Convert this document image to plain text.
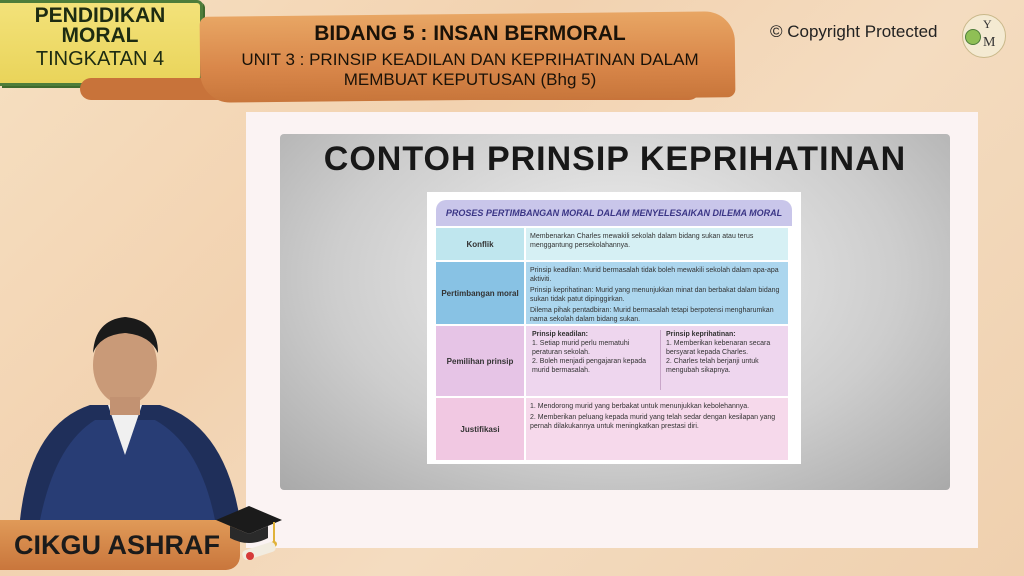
PENDIDIKAN
MORAL
TINGKATAN 4
BIDANG 5 : INSAN BERMORAL
UNIT 3 : PRINSIP KEADILAN DAN KEPRIHATINAN DALAM MEMBUAT KEPUTUSAN (Bhg 5)
© Copyright Protected	Y
M
CONTOH PRINSIP KEPRIHATINAN
PROSES PERTIMBANGAN MORAL DALAM MENYELESAIKAN DILEMA MORAL
Konflik
Membenarkan Charles mewakili sekolah dalam bidang sukan atau terus menggantung persekolahannya.
Pertimbangan moral
Prinsip keadilan: Murid bermasalah tidak boleh mewakili sekolah dalam apa-apa aktiviti.
Prinsip keprihatinan: Murid yang menunjukkan minat dan berbakat dalam bidang sukan tidak patut dipinggirkan.
Dilema pihak pentadbiran: Murid bermasalah tetapi berpotensi mengharumkan nama sekolah dalam bidang sukan.
Pemilihan prinsip
Prinsip keadilan:
1. Setiap murid perlu mematuhi peraturan sekolah.
2. Boleh menjadi pengajaran kepada murid bermasalah.
Prinsip keprihatinan:
1. Memberikan kebenaran secara bersyarat kepada Charles.
2. Charles telah berjanji untuk mengubah sikapnya.
Justifikasi
1. Mendorong murid yang berbakat untuk menunjukkan kebolehannya.
2. Memberikan peluang kepada murid yang telah sedar dengan kesilapan yang pernah dilakukannya untuk meningkatkan prestasi diri.
CIKGU ASHRAF
